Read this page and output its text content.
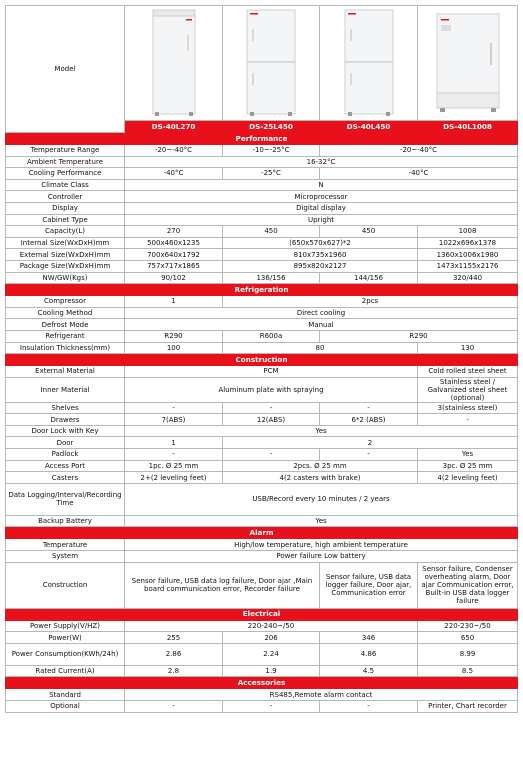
Model	

	DS-40L270	DS-25L450	DS-40L450	DS-40L1008
Performance				
Temperature Range	-20~-40°C	-10~-25°C	-20~-40°C	
Ambient Temperature	16-32°C			
Cooling Performance	-40°C	-25°C	-40°C	
Climate Class	N			
Controller	Microprocessor			
Display	Digital display			
Cabinet Type	Upright			
Capacity(L)	270	450	450	1008
Internal Size(WxDxH)mm	500x460x1235	(650x570x627)*2		1022x696x1378
External Size(WxDxH)mm	700x640x1792	810x735x1960		1360x1006x1980
Package Size(WxDxH)mm	757x717x1865	895x820x2127		1473x1155x2176
NW/GW(Kgs)	90/102	136/156	144/156	320/440
Refrigeration				
Compressor	1	2pcs		
Cooling Method	Direct cooling			
Defrost Mode	Manual			
Refrigerant	R290	R600a	R290	
Insulation Thickness(mm)	100	80		130
Construction				
External Material	PCM			Cold rolled steel sheet
Inner Material	Aluminum plate with spraying			Stainless steel / Galvanized steel sheet (optional)
Shelves	-	-	-	3(stainless steel)
Drawers	7(ABS)	12(ABS)	6*2 (ABS)	-
Door Lock with Key	Yes			
Door	1	2		
Padlock	-	-	-	Yes
Access Port	1pc. Ø 25 mm	2pcs. Ø 25 mm		3pc. Ø 25 mm
Casters	2+(2 leveling feet)	4(2 casters with brake)		4(2 leveling feet)
Data Logging/Interval/Recording Time	USB/Record every 10 minutes / 2 years			
Backup Battery	Yes			
Alarm				
Temperature	High/low temperature, high ambient temperature			
System	Power failure Low battery			
Construction	Sensor failure, USB data log failure, Door ajar ,Main board communication error, Recorder failure		Sensor failure, USB data logger failure, Door ajar, Communication error	Sensor failure, Condenser overheating alarm, Door ajar Communication error, Built-in USB data logger failure
Electrical				
Power Supply(V/HZ)	220-240~/50			220-230~/50
Power(W)	255	206	346	650
Power Consumption(KWh/24h)	2.86	2.24	4.86	8.99
Rated Current(A)	2.8	1.9	4.5	8.5
Accessories				
Standard	RS485,Remote alarm contact			
Optional	-	-	-	Printer, Chart recorder
